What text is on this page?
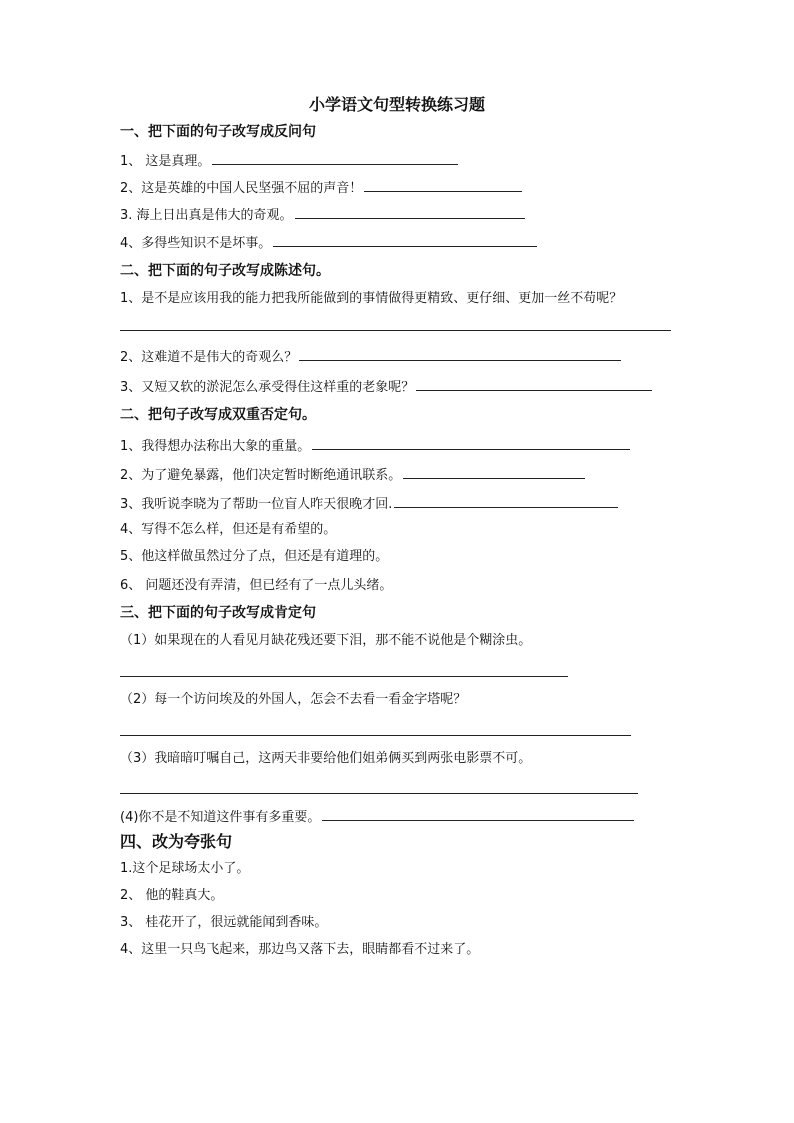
小学语文句型转换练习题
一、把下面的句子改写成反问句
1、 这是真理。
2、这是英雄的中国人民坚强不屈的声音！
3. 海上日出真是伟大的奇观。
4、多得些知识不是坏事。
二、把下面的句子改写成陈述句。
1、是不是应该用我的能力把我所能做到的事情做得更精致、更仔细、更加一丝不苟呢？
2、这难道不是伟大的奇观么？
3、又短又软的淤泥怎么承受得住这样重的老象呢？
二、把句子改写成双重否定句。
1、我得想办法称出大象的重量。
2、为了避免暴露，他们决定暂时断绝通讯联系。
3、我听说李晓为了帮助一位盲人昨天很晚才回.
4、写得不怎么样，但还是有希望的。
5、他这样做虽然过分了点，但还是有道理的。
6、 问题还没有弄清，但已经有了一点儿头绪。
三、把下面的句子改写成肯定句
（1）如果现在的人看见月缺花残还要下泪，那不能不说他是个糊涂虫。
（2）每一个访问埃及的外国人，怎会不去看一看金字塔呢？
（3）我暗暗叮嘱自己，这两天非要给他们姐弟俩买到两张电影票不可。
(4)你不是不知道这件事有多重要。
四、改为夸张句
1.这个足球场太小了。
2、 他的鞋真大。
3、 桂花开了，很远就能闻到香味。
4、这里一只鸟飞起来，那边鸟又落下去，眼睛都看不过来了。
